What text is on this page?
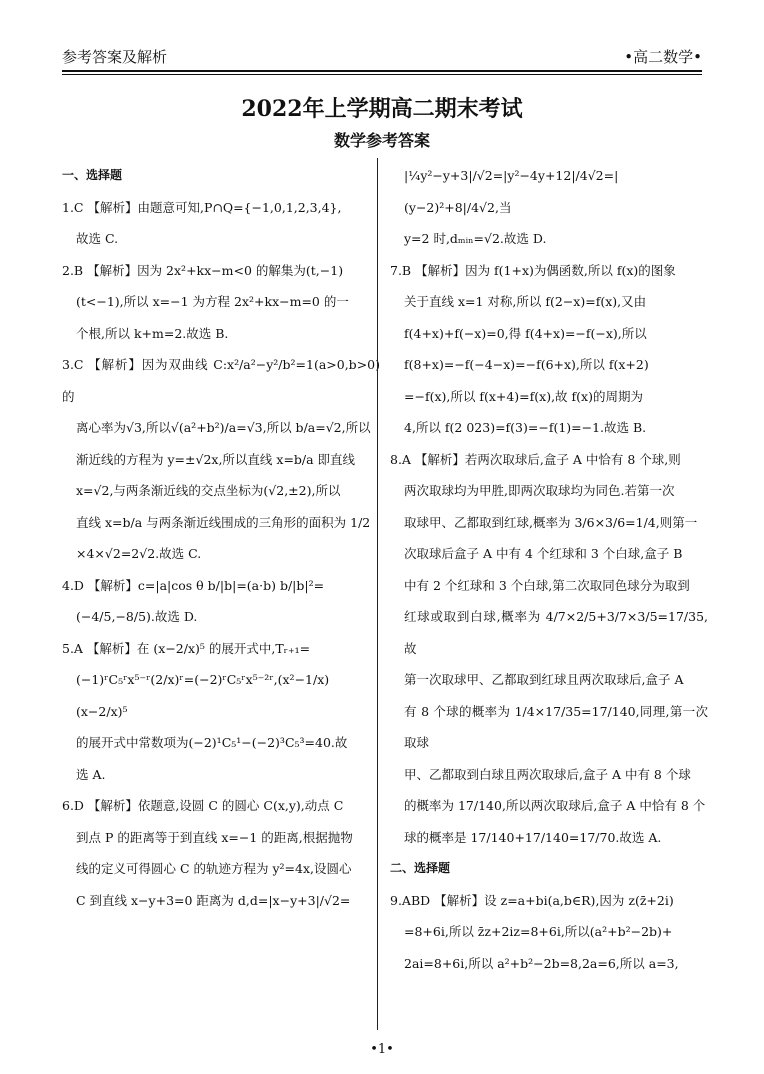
参考答案及解析	•高二数学•
2022年上学期高二期末考试
数学参考答案

一、选择题

1.C 【解析】由题意可知,P∩Q={−1,0,1,2,3,4},

故选 C.

2.B 【解析】因为 2x²+kx−m<0 的解集为(t,−1)

(t<−1),所以 x=−1 为方程 2x²+kx−m=0 的一

个根,所以 k+m=2.故选 B.

3.C 【解析】因为双曲线 C:x²/a²−y²/b²=1(a>0,b>0)的

离心率为√3,所以√(a²+b²)/a=√3,所以 b/a=√2,所以

渐近线的方程为 y=±√2x,所以直线 x=b/a 即直线

x=√2,与两条渐近线的交点坐标为(√2,±2),所以

直线 x=b/a 与两条渐近线围成的三角形的面积为 1/2

×4×√2=2√2.故选 C.

4.D 【解析】c=|a|cos θ b/|b|=(a·b) b/|b|²=

(−4/5,−8/5).故选 D.

5.A 【解析】在 (x−2/x)⁵ 的展开式中,Tᵣ₊₁=

(−1)ʳC₅ʳx⁵⁻ʳ(2/x)ʳ=(−2)ʳC₅ʳx⁵⁻²ʳ,(x²−1/x)(x−2/x)⁵

的展开式中常数项为(−2)¹C₅¹−(−2)³C₅³=40.故

选 A.

6.D 【解析】依题意,设圆 C 的圆心 C(x,y),动点 C

到点 P 的距离等于到直线 x=−1 的距离,根据抛物

线的定义可得圆心 C 的轨迹方程为 y²=4x,设圆心

C 到直线 x−y+3=0 距离为 d,d=|x−y+3|/√2=

|¼y²−y+3|/√2=|y²−4y+12|/4√2=|(y−2)²+8|/4√2,当

y=2 时,dₘᵢₙ=√2.故选 D.

7.B 【解析】因为 f(1+x)为偶函数,所以 f(x)的图象

关于直线 x=1 对称,所以 f(2−x)=f(x),又由

f(4+x)+f(−x)=0,得 f(4+x)=−f(−x),所以

f(8+x)=−f(−4−x)=−f(6+x),所以 f(x+2)

=−f(x),所以 f(x+4)=f(x),故 f(x)的周期为

4,所以 f(2 023)=f(3)=−f(1)=−1.故选 B.

8.A 【解析】若两次取球后,盒子 A 中恰有 8 个球,则

两次取球均为甲胜,即两次取球均为同色.若第一次

取球甲、乙都取到红球,概率为 3/6×3/6=1/4,则第一

次取球后盒子 A 中有 4 个红球和 3 个白球,盒子 B

中有 2 个红球和 3 个白球,第二次取同色球分为取到

红球或取到白球,概率为 4/7×2/5+3/7×3/5=17/35,故

第一次取球甲、乙都取到红球且两次取球后,盒子 A

有 8 个球的概率为 1/4×17/35=17/140,同理,第一次取球

甲、乙都取到白球且两次取球后,盒子 A 中有 8 个球

的概率为 17/140,所以两次取球后,盒子 A 中恰有 8 个

球的概率是 17/140+17/140=17/70.故选 A.

二、选择题

9.ABD 【解析】设 z=a+bi(a,b∈R),因为 z(z̄+2i)

=8+6i,所以 z̄z+2iz=8+6i,所以(a²+b²−2b)+

2ai=8+6i,所以 a²+b²−2b=8,2a=6,所以 a=3,

•1•
